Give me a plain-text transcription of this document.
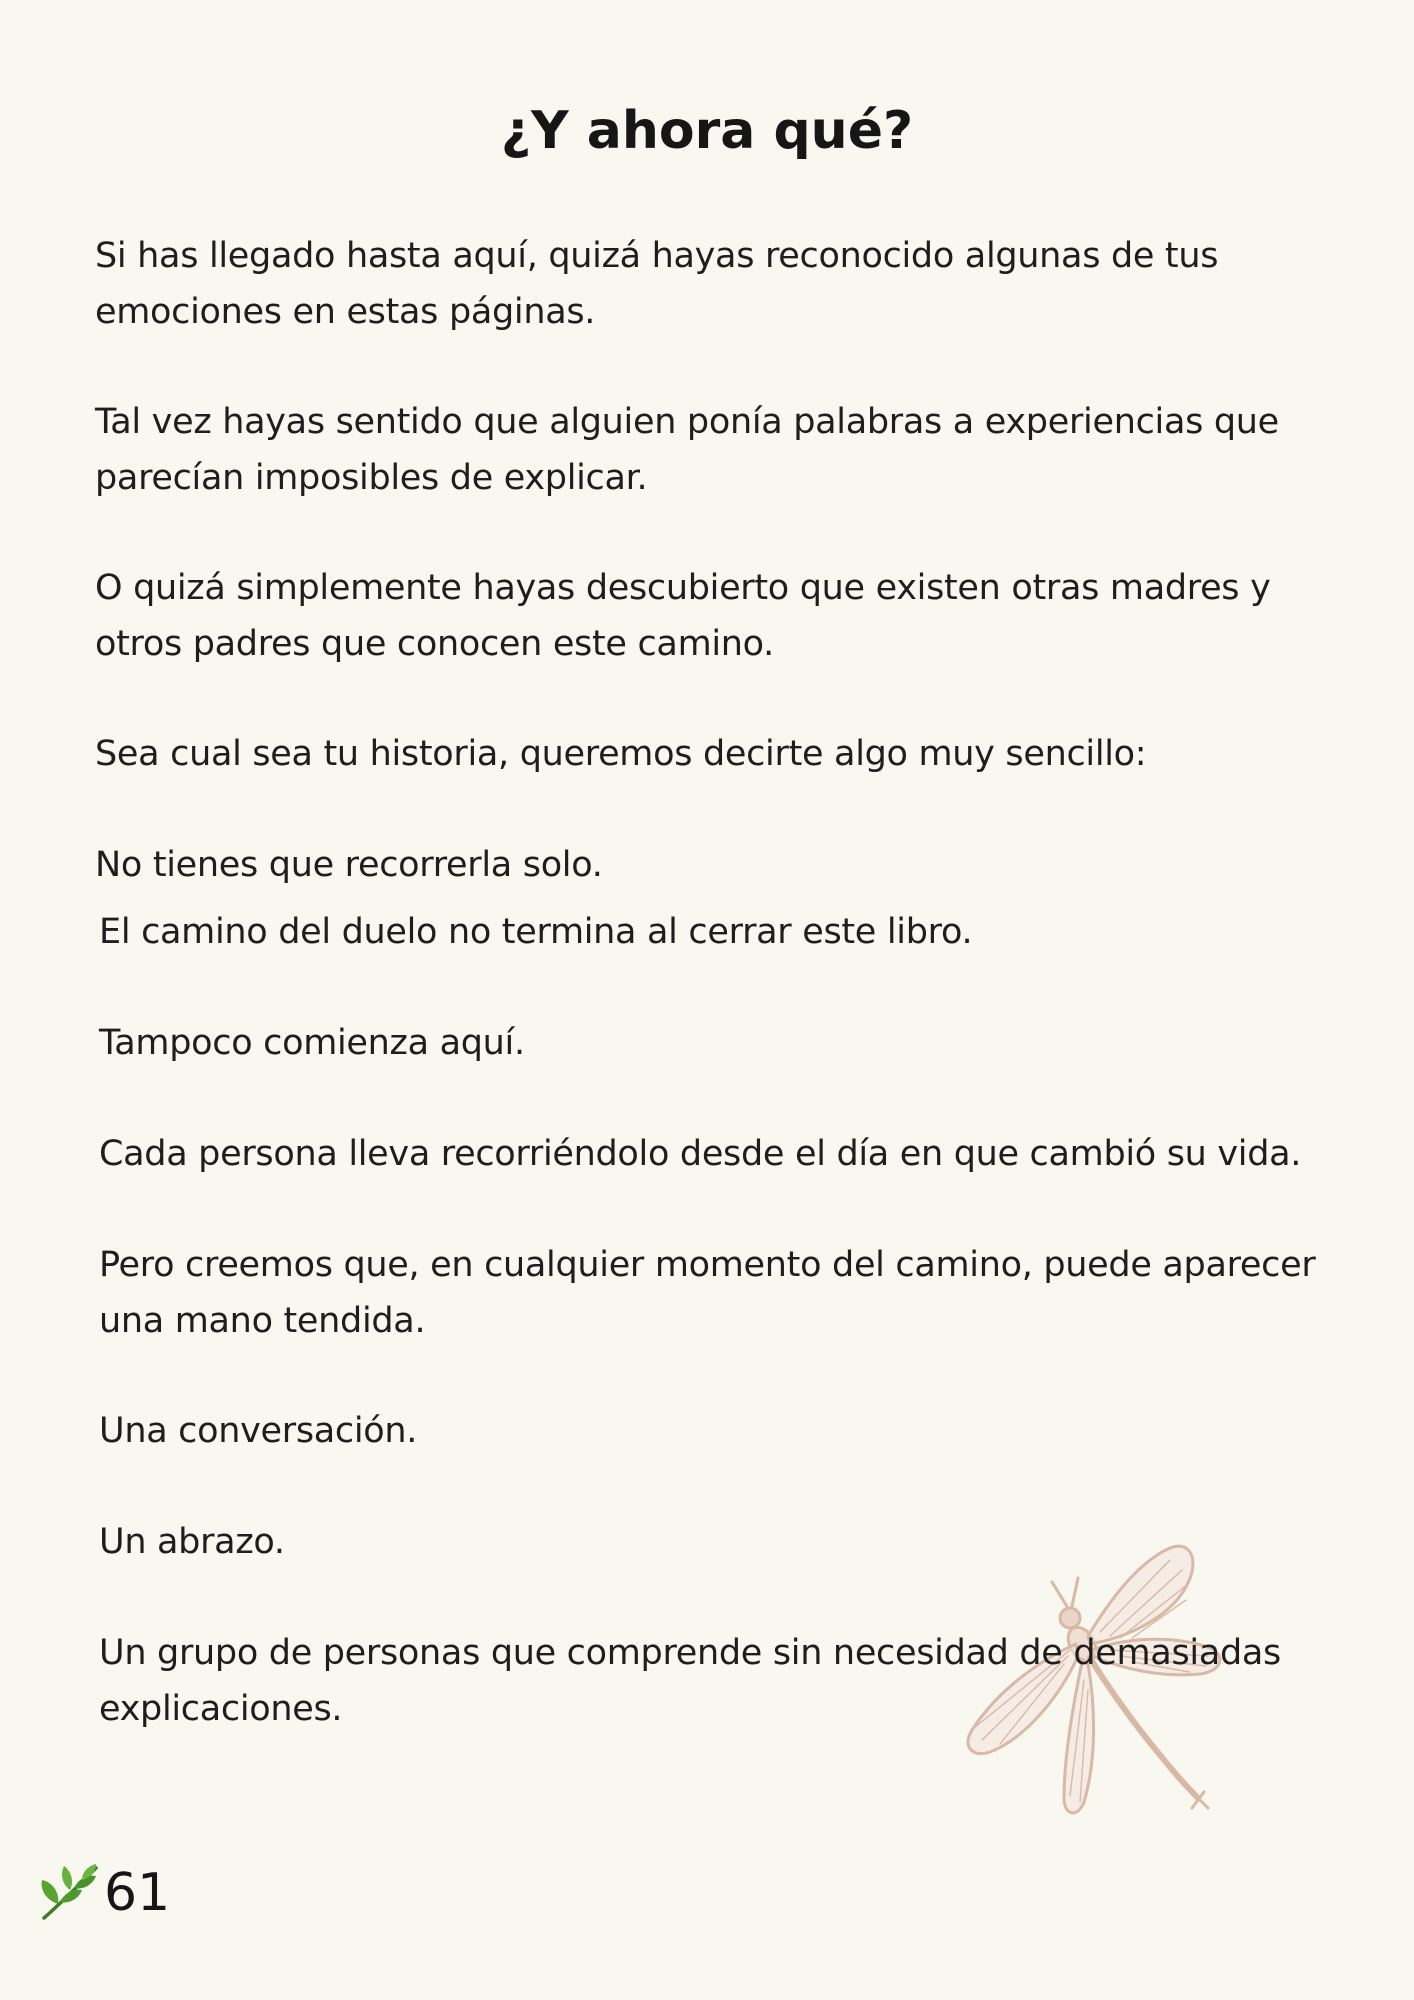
¿Y ahora qué?

Si has llegado hasta aquí, quizá hayas reconocido algunas de tus emociones en estas páginas.

Tal vez hayas sentido que alguien ponía palabras a experiencias que parecían imposibles de explicar.

O quizá simplemente hayas descubierto que existen otras madres y otros padres que conocen este camino.

Sea cual sea tu historia, queremos decirte algo muy sencillo:

No tienes que recorrerla solo.

El camino del duelo no termina al cerrar este libro.

Tampoco comienza aquí.

Cada persona lleva recorriéndolo desde el día en que cambió su vida.

Pero creemos que, en cualquier momento del camino, puede aparecer una mano tendida.

Una conversación.

Un abrazo.

Un grupo de personas que comprende sin necesidad de demasiadas explicaciones.

61
